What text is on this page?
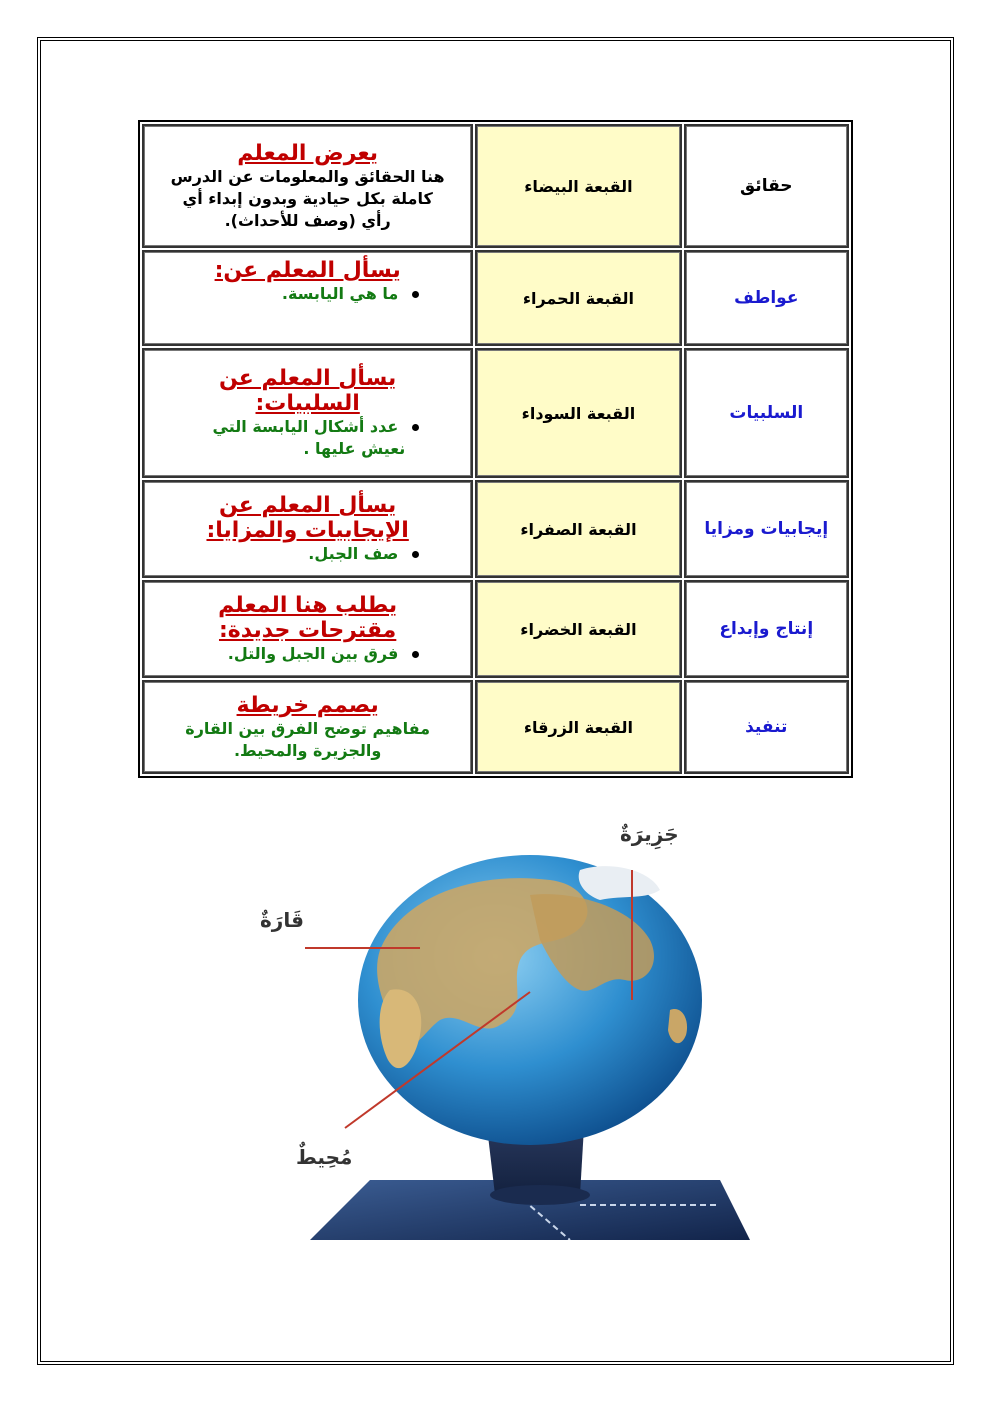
حقائق	القبعة البيضاء	يعرض المعلم
هنا الحقائق والمعلومات عن الدرس
كاملة بكل حيادية وبدون إبداء أي
رأي (وصف للأحداث).

عواطف	القبعة الحمراء	يسأل المعلم عن:
ما هي اليابسة.

السلبيات	القبعة السوداء	يسأل المعلم عن
السلبيات:
عدد أشكال اليابسة التي
نعيش عليها .

إيجابيات ومزايا	القبعة الصفراء	يسأل المعلم عن
الإيجابيات والمزايا:
صف الجبل.

إنتاج وإبداع	القبعة الخضراء	يطلب هنا المعلم
مقترحات جديدة:
فرق بين الجبل والتل.

تنفيذ	القبعة الزرقاء	يصمم خريطة
مفاهيم توضح الفرق بين القارة
والجزيرة والمحيط.
جَزِيرَةٌ
قَارَةٌ
مُحِيطٌ
